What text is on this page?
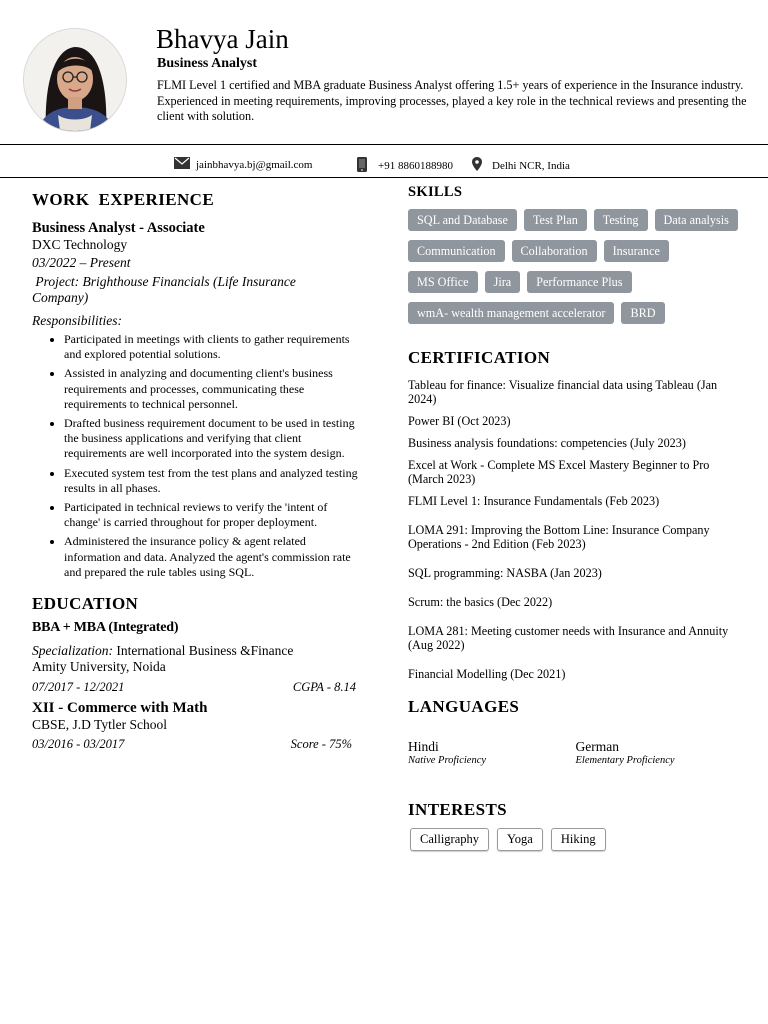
Bhavya Jain
Business Analyst
FLMI Level 1 certified and MBA graduate Business Analyst offering 1.5+ years of experience in the Insurance industry. Experienced in meeting requirements, improving processes, played a key role in the technical reviews and presenting the client with solution.
jainbhavya.bj@gmail.com	+91 8860188980	Delhi NCR, India
WORK  EXPERIENCE
Business Analyst - Associate
DXC Technology
03/2022 – Present
Project: Brighthouse Financials (Life Insurance Company)
Responsibilities:
• Participated in meetings with clients to gather requirements and explored potential solutions.
• Assisted in analyzing and documenting client's business requirements and processes, communicating these requirements to technical personnel.
• Drafted business requirement document to be used in testing the business applications and verifying that client requirements are well incorporated into the system design.
• Executed system test from the test plans and analyzed testing results in all phases.
• Participated in technical reviews to verify the 'intent of change' is carried throughout for proper deployment.
• Administered the insurance policy & agent related information and data. Analyzed the agent's commission rate and prepared the rule tables using SQL.
EDUCATION
BBA + MBA (Integrated)
Specialization: International Business &Finance
Amity University, Noida
07/2017 - 12/2021	CGPA - 8.14
XII - Commerce with Math
CBSE, J.D Tytler School
03/2016 - 03/2017	Score - 75%
SKILLS
SQL and Database	Test Plan	Testing	Data analysis
Communication	Collaboration	Insurance
MS Office	Jira	Performance Plus
wmA- wealth management accelerator	BRD
CERTIFICATION
Tableau for finance: Visualize financial data using Tableau (Jan 2024)
Power BI (Oct 2023)
Business analysis foundations: competencies (July 2023)
Excel at Work - Complete MS Excel Mastery Beginner to Pro (March 2023)
FLMI Level 1: Insurance Fundamentals (Feb 2023)
LOMA 291: Improving the Bottom Line: Insurance Company Operations - 2nd Edition (Feb 2023)
SQL programming: NASBA (Jan 2023)
Scrum: the basics (Dec 2022)
LOMA 281: Meeting customer needs with Insurance and Annuity (Aug 2022)
Financial Modelling (Dec 2021)
LANGUAGES
Hindi
Native Proficiency
German
Elementary Proficiency
INTERESTS
Calligraphy	Yoga	Hiking
